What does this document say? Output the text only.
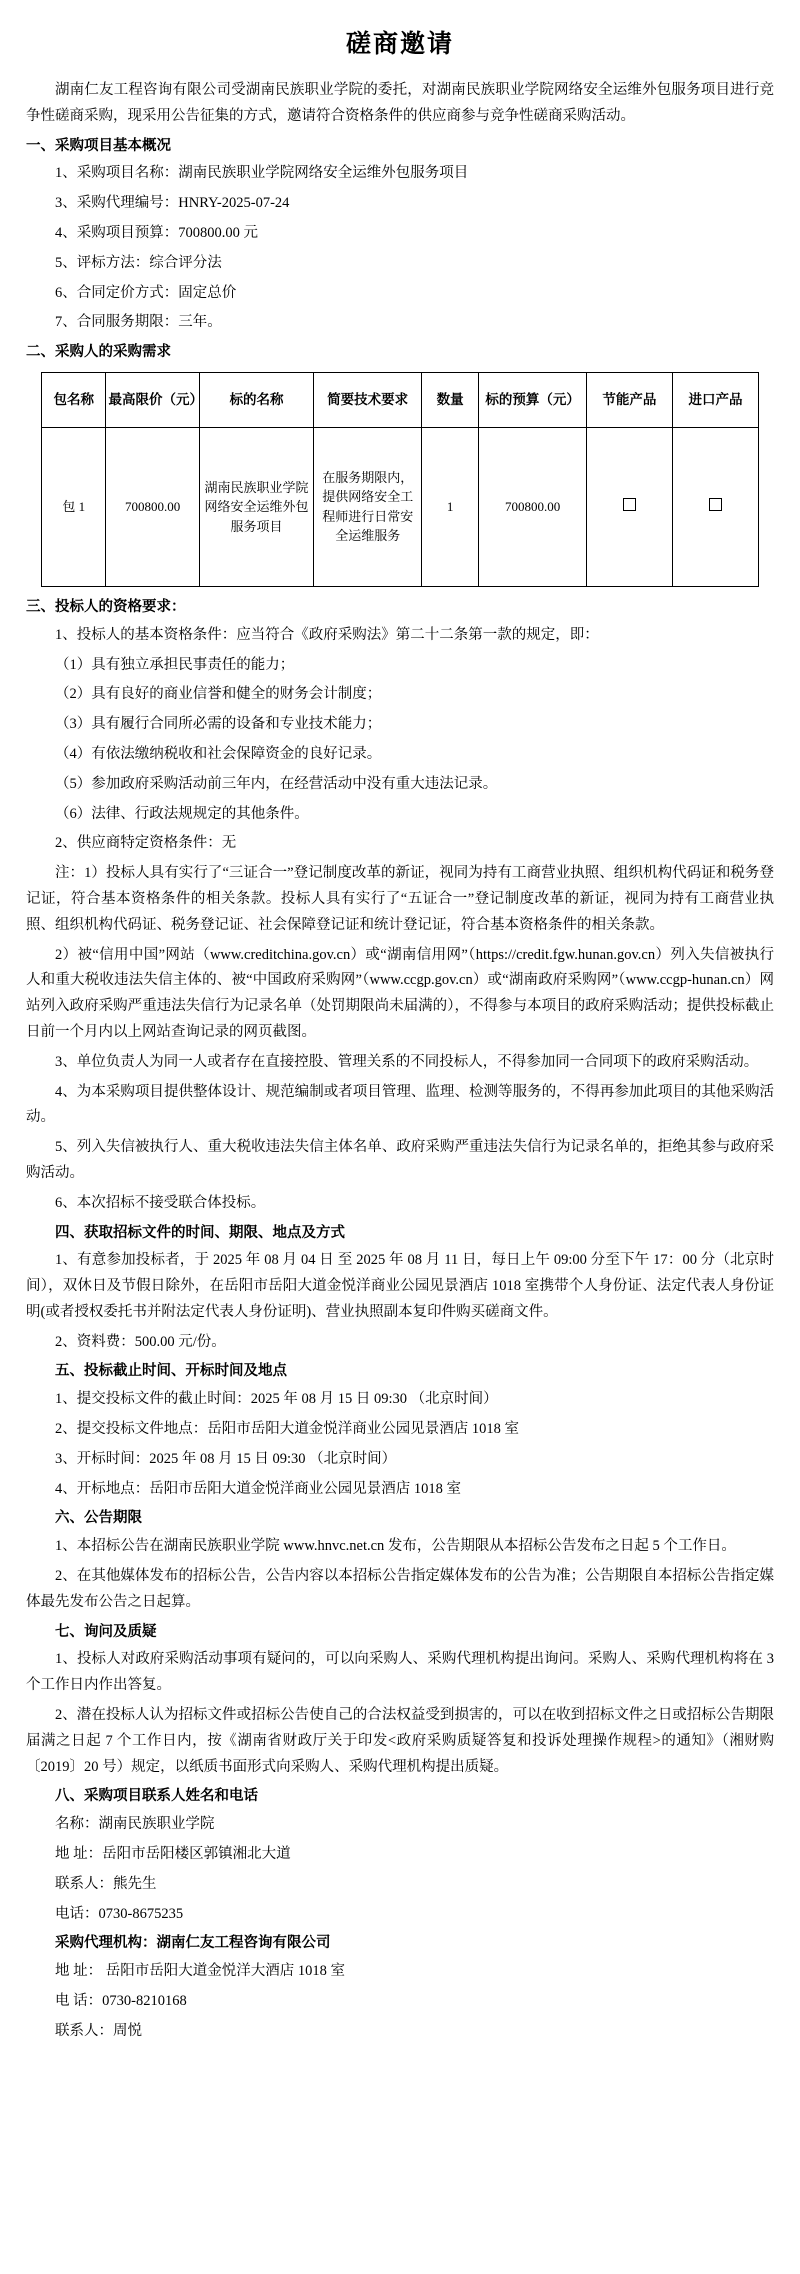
磋商邀请

湖南仁友工程咨询有限公司受湖南民族职业学院的委托，对湖南民族职业学院网络安全运维外包服务项目进行竞争性磋商采购，现采用公告征集的方式，邀请符合资格条件的供应商参与竞争性磋商采购活动。

一、采购项目基本概况

1、采购项目名称：湖南民族职业学院网络安全运维外包服务项目

3、采购代理编号：HNRY-2025-07-24

4、采购项目预算：700800.00 元

5、评标方法：综合评分法

6、合同定价方式：固定总价

7、合同服务期限：三年。

二、采购人的采购需求

包名称	最高限价（元）	标的名称	简要技术要求	数量	标的预算（元）	节能产品	进口产品
包 1	700800.00	湖南民族职业学院网络安全运维外包服务项目	在服务期限内，提供网络安全工程师进行日常安全运维服务	1	700800.00		

三、投标人的资格要求：

1、投标人的基本资格条件：应当符合《政府采购法》第二十二条第一款的规定，即：

（1）具有独立承担民事责任的能力；

（2）具有良好的商业信誉和健全的财务会计制度；

（3）具有履行合同所必需的设备和专业技术能力；

（4）有依法缴纳税收和社会保障资金的良好记录。

（5）参加政府采购活动前三年内，在经营活动中没有重大违法记录。

（6）法律、行政法规规定的其他条件。

2、供应商特定资格条件：无

注：1）投标人具有实行了“三证合一”登记制度改革的新证，视同为持有工商营业执照、组织机构代码证和税务登记证，符合基本资格条件的相关条款。投标人具有实行了“五证合一”登记制度改革的新证，视同为持有工商营业执照、组织机构代码证、税务登记证、社会保障登记证和统计登记证，符合基本资格条件的相关条款。

2）被“信用中国”网站（www.creditchina.gov.cn）或“湖南信用网”（https://credit.fgw.hunan.gov.cn）列入失信被执行人和重大税收违法失信主体的、被“中国政府采购网”（www.ccgp.gov.cn）或“湖南政府采购网”（www.ccgp-hunan.cn）网站列入政府采购严重违法失信行为记录名单（处罚期限尚未届满的），不得参与本项目的政府采购活动；提供投标截止日前一个月内以上网站查询记录的网页截图。

3、单位负责人为同一人或者存在直接控股、管理关系的不同投标人，不得参加同一合同项下的政府采购活动。

4、为本采购项目提供整体设计、规范编制或者项目管理、监理、检测等服务的，不得再参加此项目的其他采购活动。

5、列入失信被执行人、重大税收违法失信主体名单、政府采购严重违法失信行为记录名单的，拒绝其参与政府采购活动。

6、本次招标不接受联合体投标。

四、获取招标文件的时间、期限、地点及方式

1、有意参加投标者，于 2025 年 08 月 04 日 至 2025 年 08 月 11 日，每日上午 09:00 分至下午 17：00 分（北京时间），双休日及节假日除外，在岳阳市岳阳大道金悦洋商业公园见景酒店 1018 室携带个人身份证、法定代表人身份证明(或者授权委托书并附法定代表人身份证明)、营业执照副本复印件购买磋商文件。

2、资料费：500.00 元/份。

五、投标截止时间、开标时间及地点

1、提交投标文件的截止时间：2025 年 08 月 15 日 09:30 （北京时间）

2、提交投标文件地点：岳阳市岳阳大道金悦洋商业公园见景酒店 1018 室

3、开标时间：2025 年 08 月 15 日 09:30 （北京时间）

4、开标地点：岳阳市岳阳大道金悦洋商业公园见景酒店 1018 室

六、公告期限

1、本招标公告在湖南民族职业学院 www.hnvc.net.cn 发布，公告期限从本招标公告发布之日起 5 个工作日。

2、在其他媒体发布的招标公告，公告内容以本招标公告指定媒体发布的公告为准；公告期限自本招标公告指定媒体最先发布公告之日起算。

七、询问及质疑

1、投标人对政府采购活动事项有疑问的，可以向采购人、采购代理机构提出询问。采购人、采购代理机构将在 3 个工作日内作出答复。

2、潜在投标人认为招标文件或招标公告使自己的合法权益受到损害的，可以在收到招标文件之日或招标公告期限届满之日起 7 个工作日内，按《湖南省财政厅关于印发<政府采购质疑答复和投诉处理操作规程>的通知》（湘财购〔2019〕20 号）规定，以纸质书面形式向采购人、采购代理机构提出质疑。

八、采购项目联系人姓名和电话

名称：湖南民族职业学院

地 址：岳阳市岳阳楼区郭镇湘北大道

联系人：熊先生

电话：0730-8675235

采购代理机构：湖南仁友工程咨询有限公司

地 址： 岳阳市岳阳大道金悦洋大酒店 1018 室

电 话：0730-8210168

联系人：周悦
